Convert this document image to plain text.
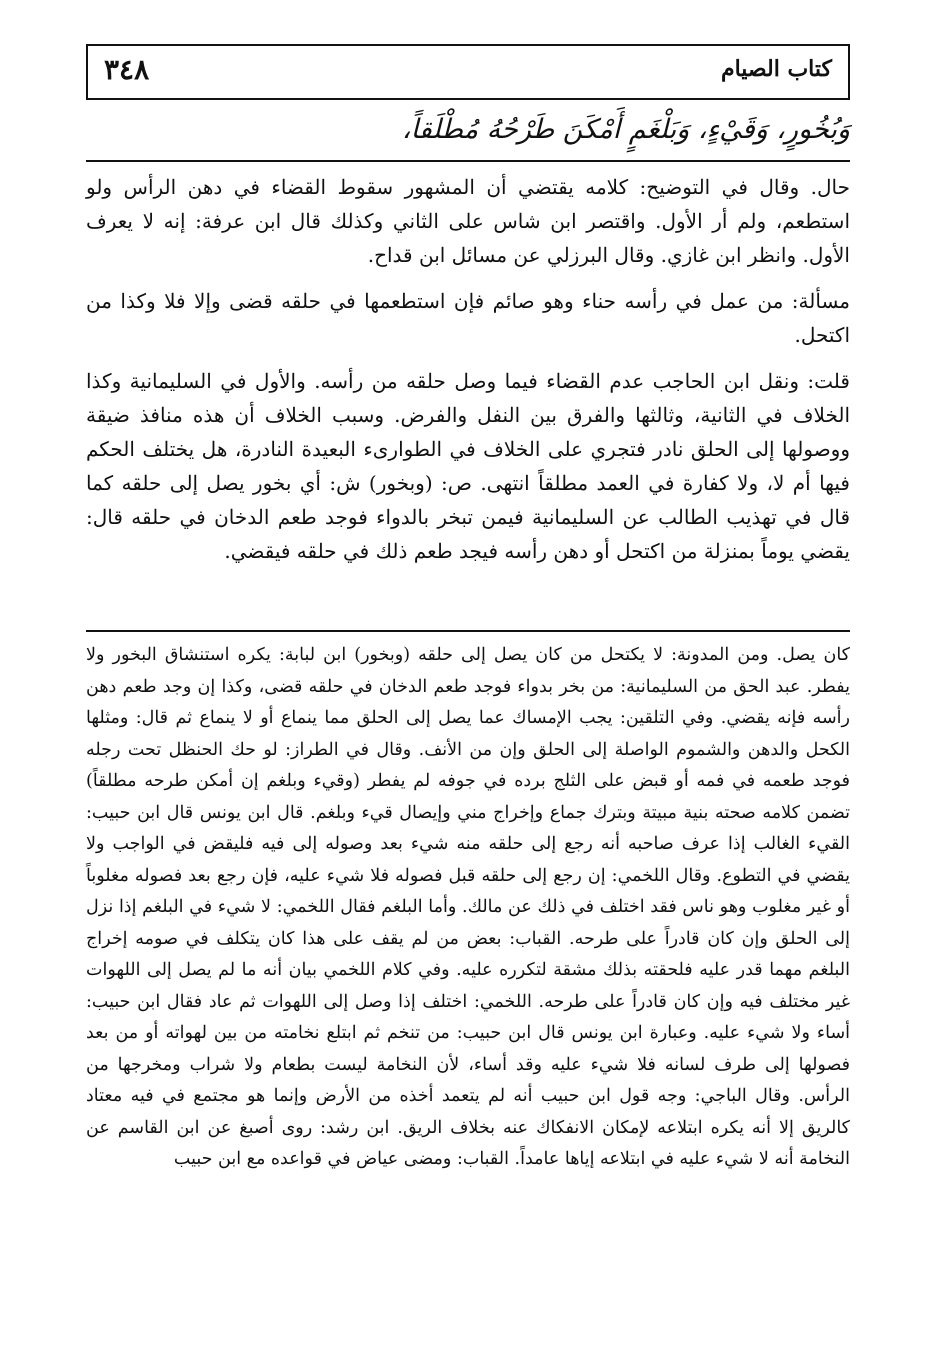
٣٤٨	كتاب الصيام
وَبُخُورٍ، وَقَيْءٍ، وَبَلْغَمٍ أَمْكَنَ طَرْحُهُ مُطْلَقاً،

حال. وقال في التوضيح: كلامه يقتضي أن المشهور سقوط القضاء في دهن الرأس ولو استطعم، ولم أر الأول. واقتصر ابن شاس على الثاني وكذلك قال ابن عرفة: إنه لا يعرف الأول. وانظر ابن غازي. وقال البرزلي عن مسائل ابن قداح.

مسألة: من عمل في رأسه حناء وهو صائم فإن استطعمها في حلقه قضى وإلا فلا وكذا من اكتحل.

قلت: ونقل ابن الحاجب عدم القضاء فيما وصل حلقه من رأسه. والأول في السليمانية وكذا الخلاف في الثانية، وثالثها والفرق بين النفل والفرض. وسبب الخلاف أن هذه منافذ ضيقة ووصولها إلى الحلق نادر فتجري على الخلاف في الطوارىء البعيدة النادرة، هل يختلف الحكم فيها أم لا، ولا كفارة في العمد مطلقاً انتهى. ص: (وبخور) ش: أي بخور يصل إلى حلقه كما قال في تهذيب الطالب عن السليمانية فيمن تبخر بالدواء فوجد طعم الدخان في حلقه قال: يقضي يوماً بمنزلة من اكتحل أو دهن رأسه فيجد طعم ذلك في حلقه فيقضي.

كان يصل. ومن المدونة: لا يكتحل من كان يصل إلى حلقه (وبخور) ابن لبابة: يكره استنشاق البخور ولا يفطر. عبد الحق من السليمانية: من بخر بدواء فوجد طعم الدخان في حلقه قضى، وكذا إن وجد طعم دهن رأسه فإنه يقضي. وفي التلقين: يجب الإمساك عما يصل إلى الحلق مما ينماع أو لا ينماع ثم قال: ومثلها الكحل والدهن والشموم الواصلة إلى الحلق وإن من الأنف. وقال في الطراز: لو حك الحنظل تحت رجله فوجد طعمه في فمه أو قبض على الثلج برده في جوفه لم يفطر (وقيء وبلغم إن أمكن طرحه مطلقاً) تضمن كلامه صحته بنية مبيتة وبترك جماع وإخراج مني وإيصال قيء وبلغم. قال ابن يونس قال ابن حبيب: القيء الغالب إذا عرف صاحبه أنه رجع إلى حلقه منه شيء بعد وصوله إلى فيه فليقض في الواجب ولا يقضي في التطوع. وقال اللخمي: إن رجع إلى حلقه قبل فصوله فلا شيء عليه، فإن رجع بعد فصوله مغلوباً أو غير مغلوب وهو ناس فقد اختلف في ذلك عن مالك. وأما البلغم فقال اللخمي: لا شيء في البلغم إذا نزل إلى الحلق وإن كان قادراً على طرحه. القباب: بعض من لم يقف على هذا كان يتكلف في صومه إخراج البلغم مهما قدر عليه فلحقته بذلك مشقة لتكرره عليه. وفي كلام اللخمي بيان أنه ما لم يصل إلى اللهوات غير مختلف فيه وإن كان قادراً على طرحه. اللخمي: اختلف إذا وصل إلى اللهوات ثم عاد فقال ابن حبيب: أساء ولا شيء عليه. وعبارة ابن يونس قال ابن حبيب: من تنخم ثم ابتلع نخامته من بين لهواته أو من بعد فصولها إلى طرف لسانه فلا شيء عليه وقد أساء، لأن النخامة ليست بطعام ولا شراب ومخرجها من الرأس. وقال الباجي: وجه قول ابن حبيب أنه لم يتعمد أخذه من الأرض وإنما هو مجتمع في فيه معتاد كالريق إلا أنه يكره ابتلاعه لإمكان الانفكاك عنه بخلاف الريق. ابن رشد: روى أصبغ عن ابن القاسم عن النخامة أنه لا شيء عليه في ابتلاعه إياها عامداً. القباب: ومضى عياض في قواعده مع ابن حبيب
